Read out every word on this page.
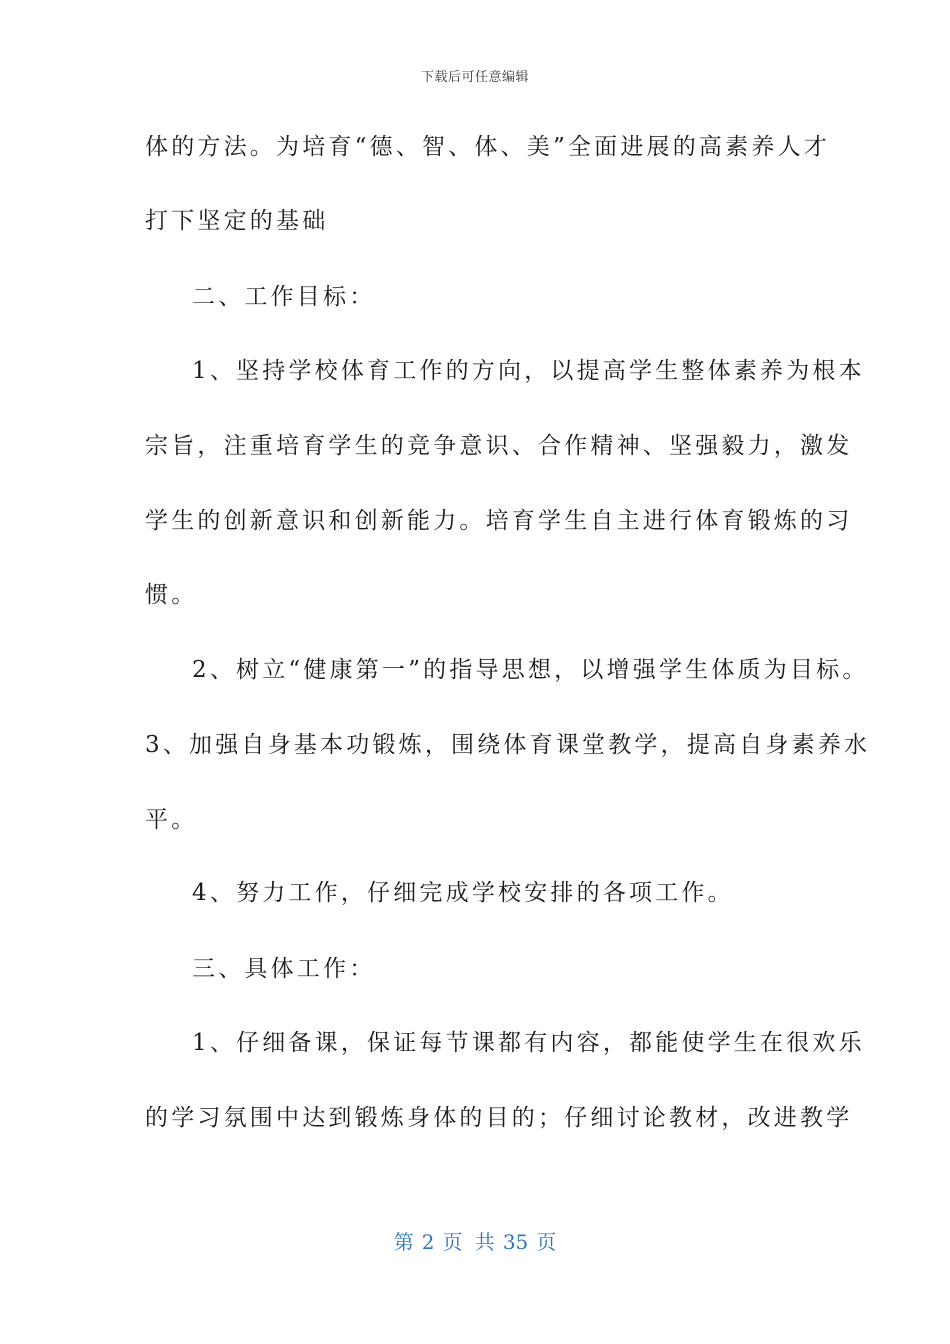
下载后可任意编辑
体的方法。为培育“德、智、体、美”全面进展的高素养人才
打下坚定的基础
二、工作目标：
1、坚持学校体育工作的方向，以提高学生整体素养为根本
宗旨，注重培育学生的竞争意识、合作精神、坚强毅力，激发
学生的创新意识和创新能力。培育学生自主进行体育锻炼的习
惯。
2、树立“健康第一”的指导思想，以增强学生体质为目标。
3、加强自身基本功锻炼，围绕体育课堂教学，提高自身素养水
平。
4、努力工作，仔细完成学校安排的各项工作。
三、具体工作：
1、仔细备课，保证每节课都有内容，都能使学生在很欢乐
的学习氛围中达到锻炼身体的目的；仔细讨论教材，改进教学
第 2 页 共 35 页
